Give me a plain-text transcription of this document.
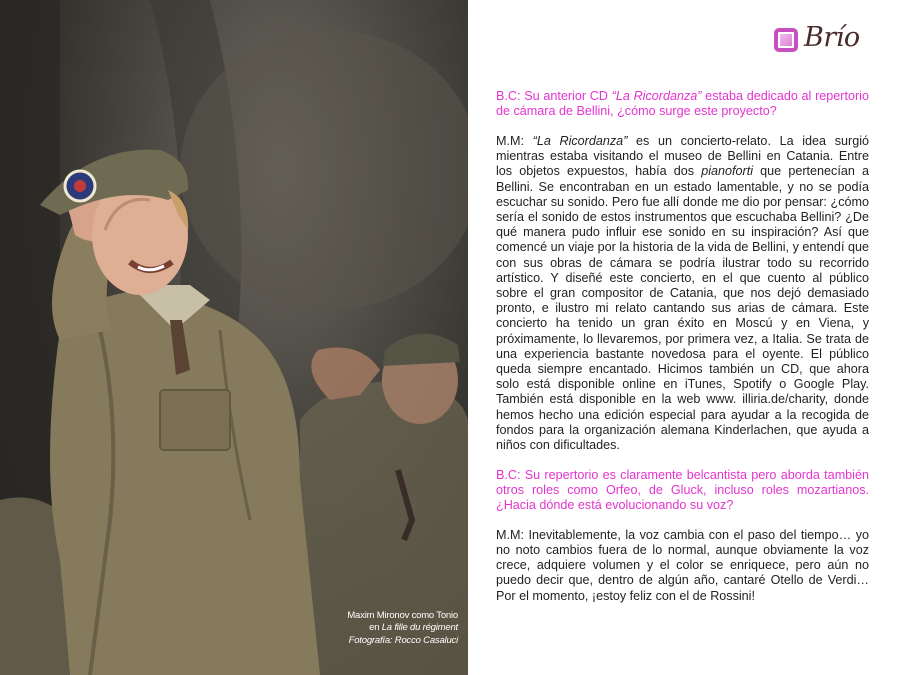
Maxim Mironov como Tonio
en La fille du régiment
Fotografía: Rocco Casaluci
Brío

B.C: Su anterior CD “La Ricordanza” estaba dedicado al repertorio de cámara de Bellini, ¿cómo surge este proyecto?

M.M: “La Ricordanza” es un concierto-relato. La idea surgió mientras estaba visitando el museo de Bellini en Catania. Entre los objetos expuestos, había dos pianoforti que pertenecían a Bellini. Se encontraban en un estado lamentable, y no se podía escuchar su sonido. Pero fue allí donde me dio por pensar: ¿cómo sería el sonido de estos instrumentos que escuchaba Bellini? ¿De qué manera pudo influir ese sonido en su inspiración? Así que comencé un viaje por la historia de la vida de Bellini, y entendí que con sus obras de cámara se podría ilustrar todo su recorrido artístico. Y diseñé este concierto, en el que cuento al público sobre el gran compositor de Catania, que nos dejó demasiado pronto, e ilustro mi relato cantando sus arias de cámara. Este concierto ha tenido un gran éxito en Moscú y en Viena, y próximamente, lo llevaremos, por primera vez, a Italia. Se trata de una experiencia bastante novedosa para el oyente. El público queda siempre encantado. Hicimos también un CD, que ahora solo está disponible online en iTunes, Spotify o Google Play. También está disponible en la web www. illiria.de/charity, donde hemos hecho una edición especial para ayudar a la recogida de fondos para la organización alemana Kinderlachen, que ayuda a niños con dificultades.

B.C: Su repertorio es claramente belcantista pero aborda también otros roles como Orfeo, de Gluck, incluso roles mozartianos. ¿Hacia dónde está evolucionando su voz?

M.M: Inevitablemente, la voz cambia con el paso del tiempo… yo no noto cambios fuera de lo normal, aunque obviamente la voz crece, adquiere volumen y el color se enriquece, pero aún no puedo decir que, dentro de algún año, cantaré Otello de Verdi… Por el momento, ¡estoy feliz con el de Rossini!
